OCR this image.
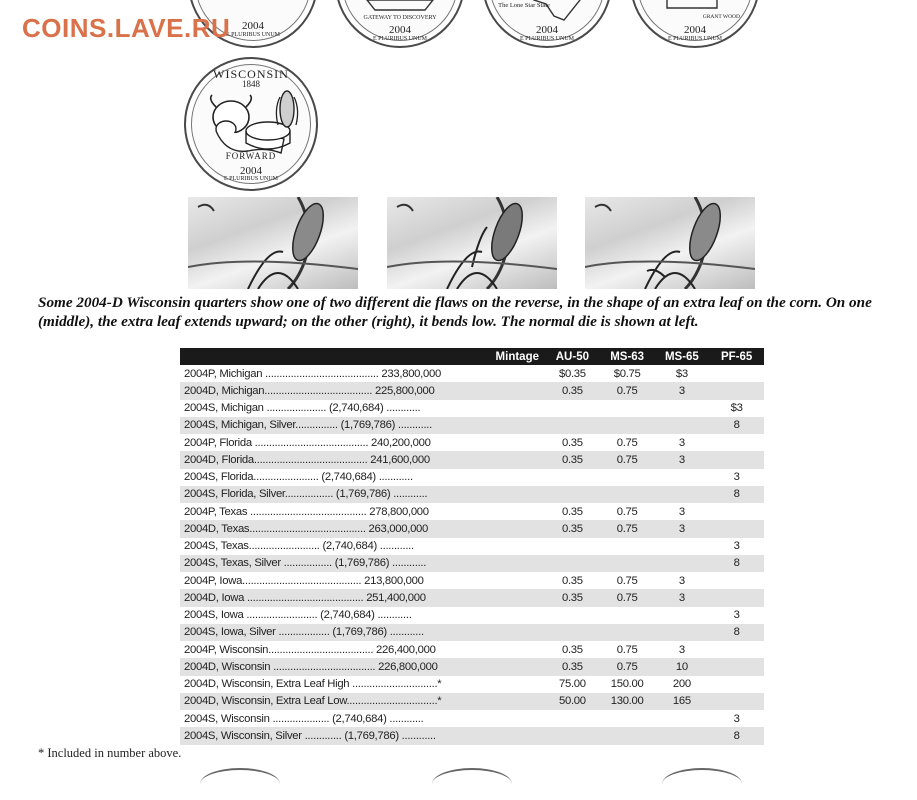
COINS.LAVE.RU	2004
E PLURIBUS UNUM
GATEWAY TO DISCOVERY
2004
E PLURIBUS UNUM
The Lone Star State
2004
E PLURIBUS UNUM
GRANT WOOD
2004
E PLURIBUS UNUM
WISCONSIN
1848
FORWARD
2004
E PLURIBUS UNUM
Some 2004-D Wisconsin quarters show one of two different die flaws on the reverse, in the shape of an extra leaf on the corn. On one (middle), the extra leaf extends upward; on the other (right), it bends low. The normal die is shown at left.
Mintage	AU-50	MS-63	MS-65	PF-65
2004P, Michigan ........................................ 233,800,000	$0.35	$0.75	$3	
2004D, Michigan...................................... 225,800,000	0.35	0.75	3	
2004S, Michigan ..................... (2,740,684) ............				$3
2004S, Michigan, Silver............... (1,769,786) ............				8
2004P, Florida ........................................ 240,200,000	0.35	0.75	3	
2004D, Florida........................................ 241,600,000	0.35	0.75	3	
2004S, Florida....................... (2,740,684) ............				3
2004S, Florida, Silver................. (1,769,786) ............				8
2004P, Texas ......................................... 278,800,000	0.35	0.75	3	
2004D, Texas......................................... 263,000,000	0.35	0.75	3	
2004S, Texas......................... (2,740,684) ............				3
2004S, Texas, Silver ................. (1,769,786) ............				8
2004P, Iowa.......................................... 213,800,000	0.35	0.75	3	
2004D, Iowa ......................................... 251,400,000	0.35	0.75	3	
2004S, Iowa ......................... (2,740,684) ............				3
2004S, Iowa, Silver .................. (1,769,786) ............				8
2004P, Wisconsin..................................... 226,400,000	0.35	0.75	3	
2004D, Wisconsin .................................... 226,800,000	0.35	0.75	10	
2004D, Wisconsin, Extra Leaf High ..............................*	75.00	150.00	200	
2004D, Wisconsin, Extra Leaf Low................................*	50.00	130.00	165	
2004S, Wisconsin .................... (2,740,684) ............				3
2004S, Wisconsin, Silver ............. (1,769,786) ............				8
* Included in number above.
